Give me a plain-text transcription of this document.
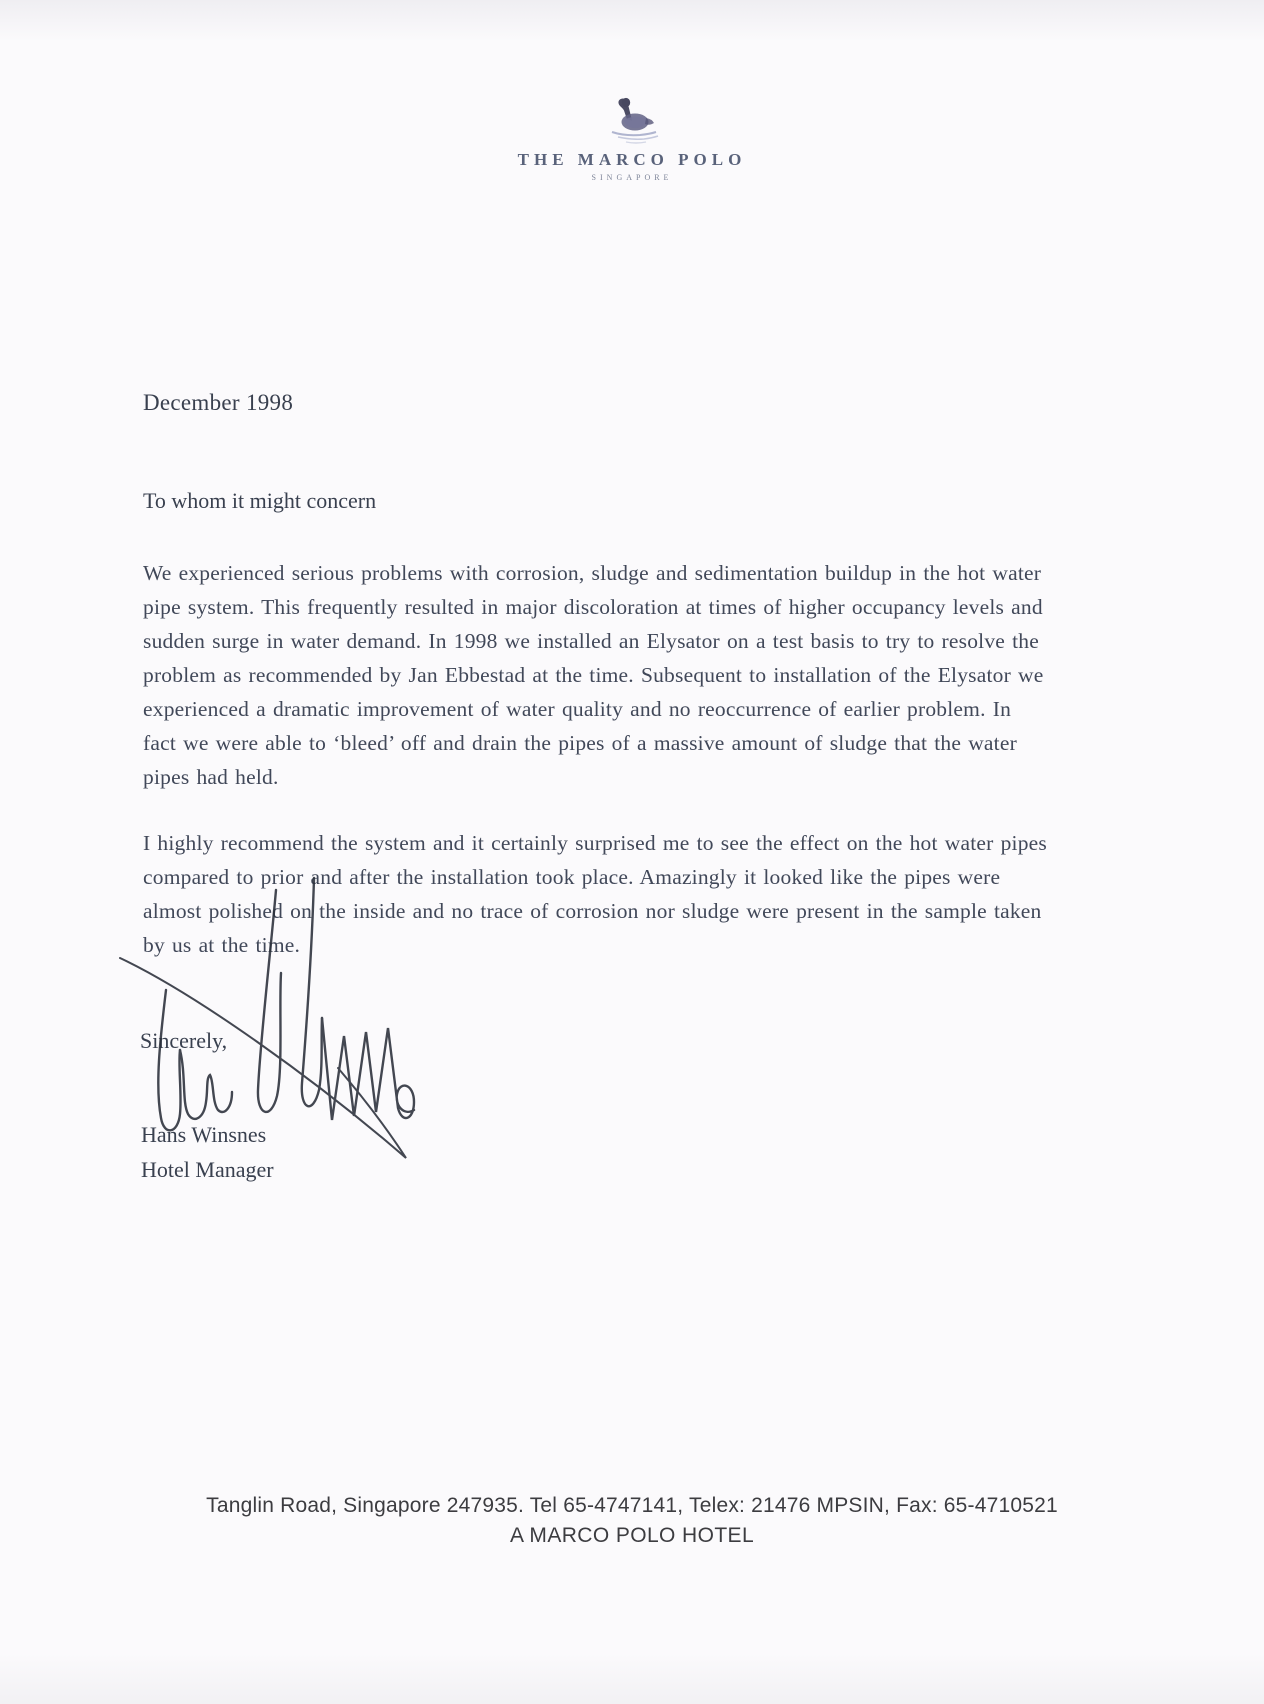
THE MARCO POLO
SINGAPORE
December 1998
To whom it might concern
We experienced serious problems with corrosion, sludge and sedimentation buildup in the hot water pipe system. This frequently resulted in major discoloration at times of higher occupancy levels and sudden surge in water demand. In 1998 we installed an Elysator on a test basis to try to resolve the problem as recommended by Jan Ebbestad at the time. Subsequent to installation of the Elysator we experienced a dramatic improvement of water quality and no reoccurrence of earlier problem. In fact we were able to ‘bleed’ off and drain the pipes of a massive amount of sludge that the water pipes had held.
I highly recommend the system and it certainly surprised me to see the effect on the hot water pipes compared to prior and after the installation took place. Amazingly it looked like the pipes were almost polished on the inside and no trace of corrosion nor sludge were present in the sample taken by us at the time.
Sincerely,
Hans Winsnes
Hotel Manager
Tanglin Road, Singapore 247935. Tel 65-4747141, Telex: 21476 MPSIN, Fax: 65-4710521
A MARCO POLO HOTEL
